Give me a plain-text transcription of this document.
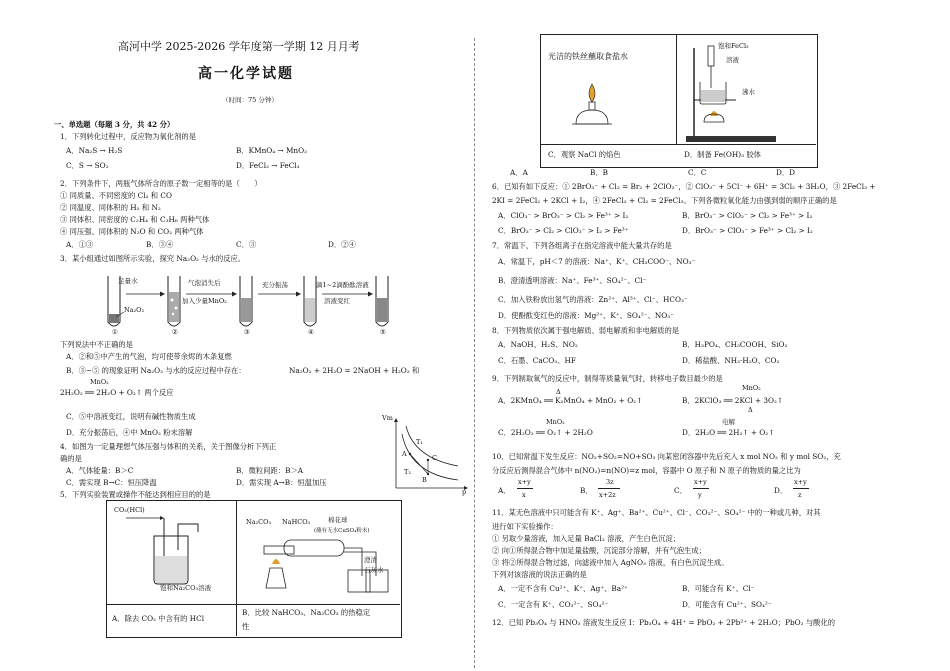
高河中学 2025-2026 学年度第一学期 12 月月考
高一化学试题
（时间：75 分钟）
一、单选题（每题 3 分，共 42 分）
1．下列转化过程中，反应物为氧化剂的是
A．Na₂S → H₂S	B．KMnO₄ → MnO₂
C．S → SO₂	D．FeCl₂ → FeCl₃
2．下列条件下，两瓶气体所含的原子数一定相等的是（　　）
① 同质量、不同密度的 Cl₂ 和 CO
② 同温度、同体积的 H₂ 和 N₂
③ 同体积、同密度的 C₂H₄ 和 C₃H₆ 两种气体
④ 同压强、同体积的 N₂O 和 CO₂ 两种气体
A．①③	B．③④	C．③	D．②④
3．某小组通过如图所示实验，探究 Na₂O₂ 与水的反应。
足量水
Na₂O₂
气泡消失后
加入少量MnO₂
充分振荡	滴1~2滴酚酞溶液
溶液变红
①	②	③	④	⑤
下列说法中不正确的是
A．②和⑤中产生的气泡，均可使带余烬的木条复燃
B．③~⑤ 的现象证明 Na₂O₂ 与水的反应过程中存在：	Na₂O₂ + 2H₂O = 2NaOH + H₂O₂ 和
MnO₂
2H₂O₂ ══ 2H₂O + O₂↑ 两个反应
C．⑤中溶液变红，说明有碱性物质生成
D．充分振荡后，④中 MnO₂ 粉末溶解
Vm
p
T₁
T₂
A	C
B
4．如图为一定量理想气体压强与体积的关系，关于图像分析下列正
确的是
A．气体能量：B＞C	B．微粒间距：B＞A
C．需实现 B→C：恒压降温	D．需实现 A→B：恒温加压
5．下列实验装置或操作不能达到相应目的的是
CO₂(HCl)
饱和Na₂CO₃溶液
Na₂CO₃ NaHCO₃	棉花球
(蘸有无水CuSO₄粉末)
澄清
石灰水
A．除去 CO₂ 中含有的 HCl
B．比较 NaHCO₃、Na₂CO₃ 的热稳定
性
光洁的铁丝蘸取食盐水
饱和FeCl₃
溶液
沸水
C．观察 NaCl 的焰色	D．制备 Fe(OH)₃ 胶体
A．A	B．B	C．C	D．D
6．已知有如下反应：① 2BrO₃⁻ + Cl₂ = Br₂ + 2ClO₃⁻，② ClO₃⁻ + 5Cl⁻ + 6H⁺ = 3Cl₂ + 3H₂O，③ 2FeCl₃ +
2KI = 2FeCl₂ + 2KCl + I₂，④ 2FeCl₂ + Cl₂ = 2FeCl₃。下列各微粒氧化能力由强到弱的顺序正确的是
A．ClO₃⁻ > BrO₃⁻ > Cl₂ > Fe³⁺ > I₂	B．BrO₃⁻ > ClO₃⁻ > Cl₂ > Fe³⁺ > I₂
C．BrO₃⁻ > Cl₂ > ClO₃⁻ > I₂ > Fe³⁺	D．BrO₃⁻ > ClO₃⁻ > Fe³⁺ > Cl₂ > I₂
7．常温下，下列各组离子在指定溶液中能大量共存的是
A．常温下，pH＜7 的溶液：Na⁺、K⁺、CH₃COO⁻、NO₃⁻
B．澄清透明溶液：Na⁺、Fe³⁺、SO₄²⁻、Cl⁻
C．加入铁粉放出氢气的溶液：Zn²⁺、Al³⁺、Cl⁻、HCO₃⁻
D．使酚酞变红色的溶液：Mg²⁺、K⁺、SO₄²⁻、NO₃⁻
8．下列物质依次属于强电解质、弱电解质和非电解质的是
A．NaOH、H₂S、NO₂	B．H₃PO₄、CH₃COOH、SiO₂
C．石墨、CaCO₃、HF	D．稀盐酸、NH₃·H₂O、CO₂
9．下列制取氧气的反应中，制得等质量氧气时，转移电子数目最少的是
Δ
A．2KMnO₄ ══ K₂MnO₄ + MnO₂ + O₂↑
MnO₂
B．2KClO₃ ══ 2KCl + 3O₂↑
Δ
MnO₂
C．2H₂O₂ ══ O₂↑ + 2H₂O
电解
D．2H₂O ══ 2H₂↑ + O₂↑
10．已知常温下发生反应：NO₂+SO₂=NO+SO₃ 向某密闭容器中先后充入 x mol NO₂ 和 y mol SO₂，充
分反应后测得混合气体中 n(NO₂)=n(NO)=z mol，容器中 O 原子和 N 原子的物质的量之比为
A．
x+y
x	B．
3z
x+2z	C．
x+y
y	D．
x+y
z
11．某无色溶液中只可能含有 K⁺、Ag⁺、Ba²⁺、Cu²⁺、Cl⁻、CO₃²⁻、SO₄²⁻ 中的一种或几种，对其
进行如下实验操作：
① 另取少量溶液，加入足量 BaCl₂ 溶液，产生白色沉淀；
② 向①所得混合物中加足量盐酸，沉淀部分溶解，并有气泡生成；
③ 将②所得混合物过滤，向滤液中加入 AgNO₃ 溶液，有白色沉淀生成。
下列对该溶液的说法正确的是
A．一定不含有 Cu²⁺、K⁺、Ag⁺、Ba²⁺	B．可能含有 K⁺、Cl⁻
C．一定含有 K⁺、CO₃²⁻、SO₄²⁻	D．可能含有 Cu²⁺、SO₄²⁻
12．已知 Pb₃O₄ 与 HNO₃ 溶液发生反应 Ⅰ：Pb₃O₄ + 4H⁺ = PbO₂ + 2Pb²⁺ + 2H₂O；PbO₂ 与酸化的
